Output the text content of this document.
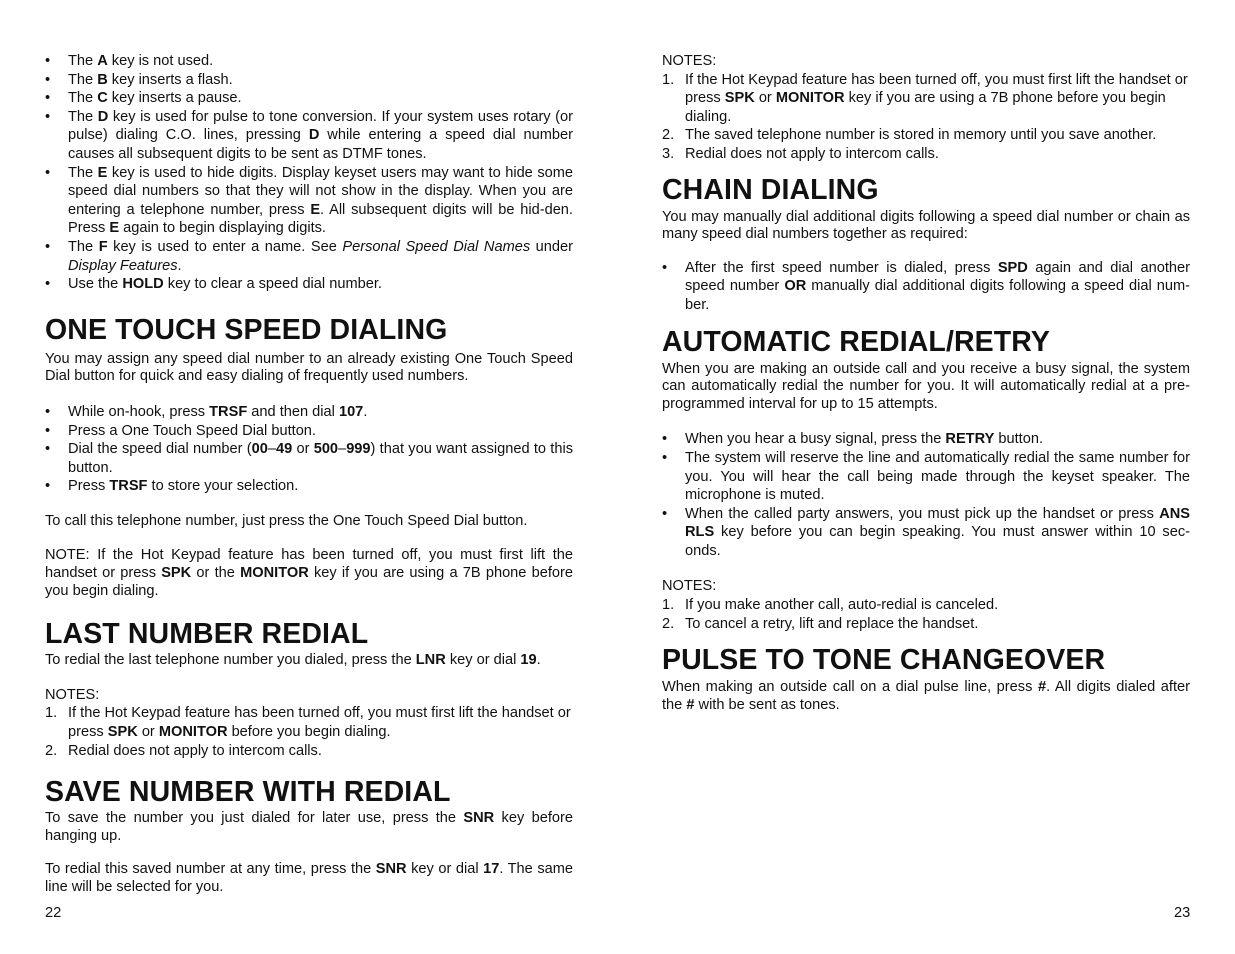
• The A key is not used.
• The B key inserts a flash.
• The C key inserts a pause.
• The D key is used for pulse to tone conversion. If your system uses rotary (or pulse) dialing C.O. lines, pressing D while entering a speed dial number causes all subsequent digits to be sent as DTMF tones.
• The E key is used to hide digits. Display keyset users may want to hide some speed dial numbers so that they will not show in the display. When you are entering a telephone number, press E. All subsequent digits will be hid-den. Press E again to begin displaying digits.
• The F key is used to enter a name. See Personal Speed Dial Names under Display Features.
• Use the HOLD key to clear a speed dial number.
ONE TOUCH SPEED DIALING

You may assign any speed dial number to an already existing One Touch Speed Dial button for quick and easy dialing of frequently used numbers.

• While on-hook, press TRSF and then dial 107.
• Press a One Touch Speed Dial button.
• Dial the speed dial number (00–49 or 500–999) that you want assigned to this button.
• Press TRSF to store your selection.

To call this telephone number, just press the One Touch Speed Dial button.

NOTE: If the Hot Keypad feature has been turned off, you must first lift the handset or press SPK or the MONITOR key if you are using a 7B phone before you begin dialing.

LAST NUMBER REDIAL

To redial the last telephone number you dialed, press the LNR key or dial 19.

NOTES:
1. If the Hot Keypad feature has been turned off, you must first lift the handset or press SPK or MONITOR before you begin dialing.
2. Redial does not apply to intercom calls.
SAVE NUMBER WITH REDIAL

To save the number you just dialed for later use, press the SNR key before hanging up.

To redial this saved number at any time, press the SNR key or dial 17. The same line will be selected for you.

22
NOTES:
1. If the Hot Keypad feature has been turned off, you must first lift the handset or press SPK or MONITOR key if you are using a 7B phone before you begin dialing.
2. The saved telephone number is stored in memory until you save another.
3. Redial does not apply to intercom calls.
CHAIN DIALING

You may manually dial additional digits following a speed dial number or chain as many speed dial numbers together as required:

• After the first speed number is dialed, press SPD again and dial another speed number OR manually dial additional digits following a speed dial num-ber.
AUTOMATIC REDIAL/RETRY

When you are making an outside call and you receive a busy signal, the system can automatically redial the number for you. It will automatically redial at a pre-programmed interval for up to 15 attempts.

• When you hear a busy signal, press the RETRY button.
• The system will reserve the line and automatically redial the same number for you. You will hear the call being made through the keyset speaker. The microphone is muted.
• When the called party answers, you must pick up the handset or press ANS RLS key before you can begin speaking. You must answer within 10 sec-onds.
NOTES:
1. If you make another call, auto-redial is canceled.
2. To cancel a retry, lift and replace the handset.
PULSE TO TONE CHANGEOVER

When making an outside call on a dial pulse line, press #. All digits dialed after the # with be sent as tones.

23
